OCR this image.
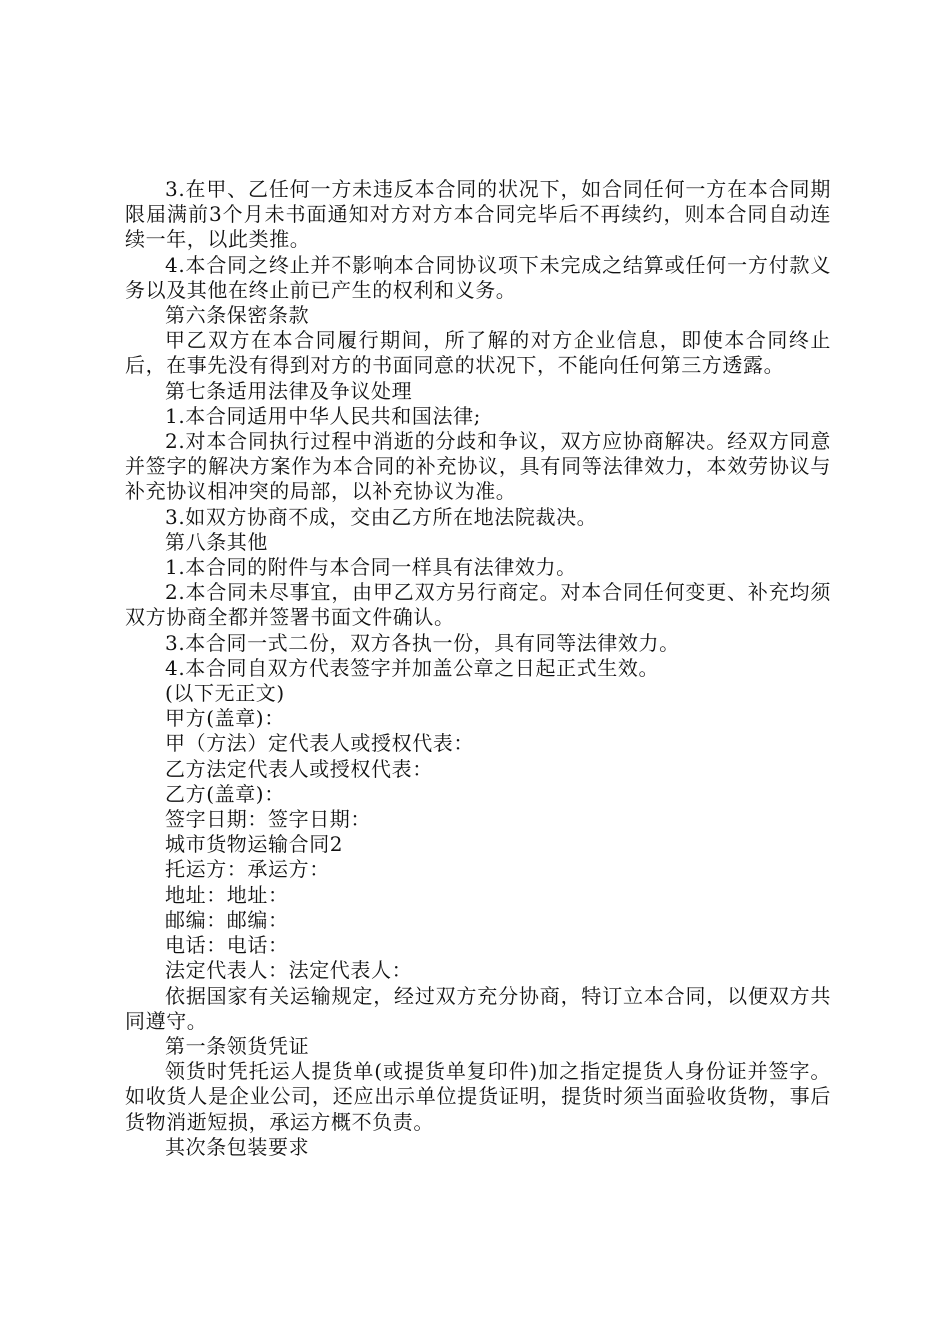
3.在甲、乙任何一方未违反本合同的状况下，如合同任何一方在本合同期限届满前3个月未书面通知对方对方本合同完毕后不再续约，则本合同自动连续一年，以此类推。

4.本合同之终止并不影响本合同协议项下未完成之结算或任何一方付款义务以及其他在终止前已产生的权利和义务。

第六条保密条款

甲乙双方在本合同履行期间，所了解的对方企业信息，即使本合同终止后，在事先没有得到对方的书面同意的状况下，不能向任何第三方透露。

第七条适用法律及争议处理

1.本合同适用中华人民共和国法律;

2.对本合同执行过程中消逝的分歧和争议，双方应协商解决。经双方同意并签字的解决方案作为本合同的补充协议，具有同等法律效力，本效劳协议与补充协议相冲突的局部，以补充协议为准。

3.如双方协商不成，交由乙方所在地法院裁决。

第八条其他

1.本合同的附件与本合同一样具有法律效力。

2.本合同未尽事宜，由甲乙双方另行商定。对本合同任何变更、补充均须双方协商全都并签署书面文件确认。

3.本合同一式二份，双方各执一份，具有同等法律效力。

4.本合同自双方代表签字并加盖公章之日起正式生效。

(以下无正文)

甲方(盖章)：

甲（方法）定代表人或授权代表：

乙方法定代表人或授权代表：

乙方(盖章)：

签字日期：签字日期：

城市货物运输合同2

托运方：承运方：

地址：地址：

邮编：邮编：

电话：电话：

法定代表人：法定代表人：

依据国家有关运输规定，经过双方充分协商，特订立本合同，以便双方共同遵守。

第一条领货凭证

领货时凭托运人提货单(或提货单复印件)加之指定提货人身份证并签字。如收货人是企业公司，还应出示单位提货证明，提货时须当面验收货物，事后货物消逝短损，承运方概不负责。

其次条包装要求
